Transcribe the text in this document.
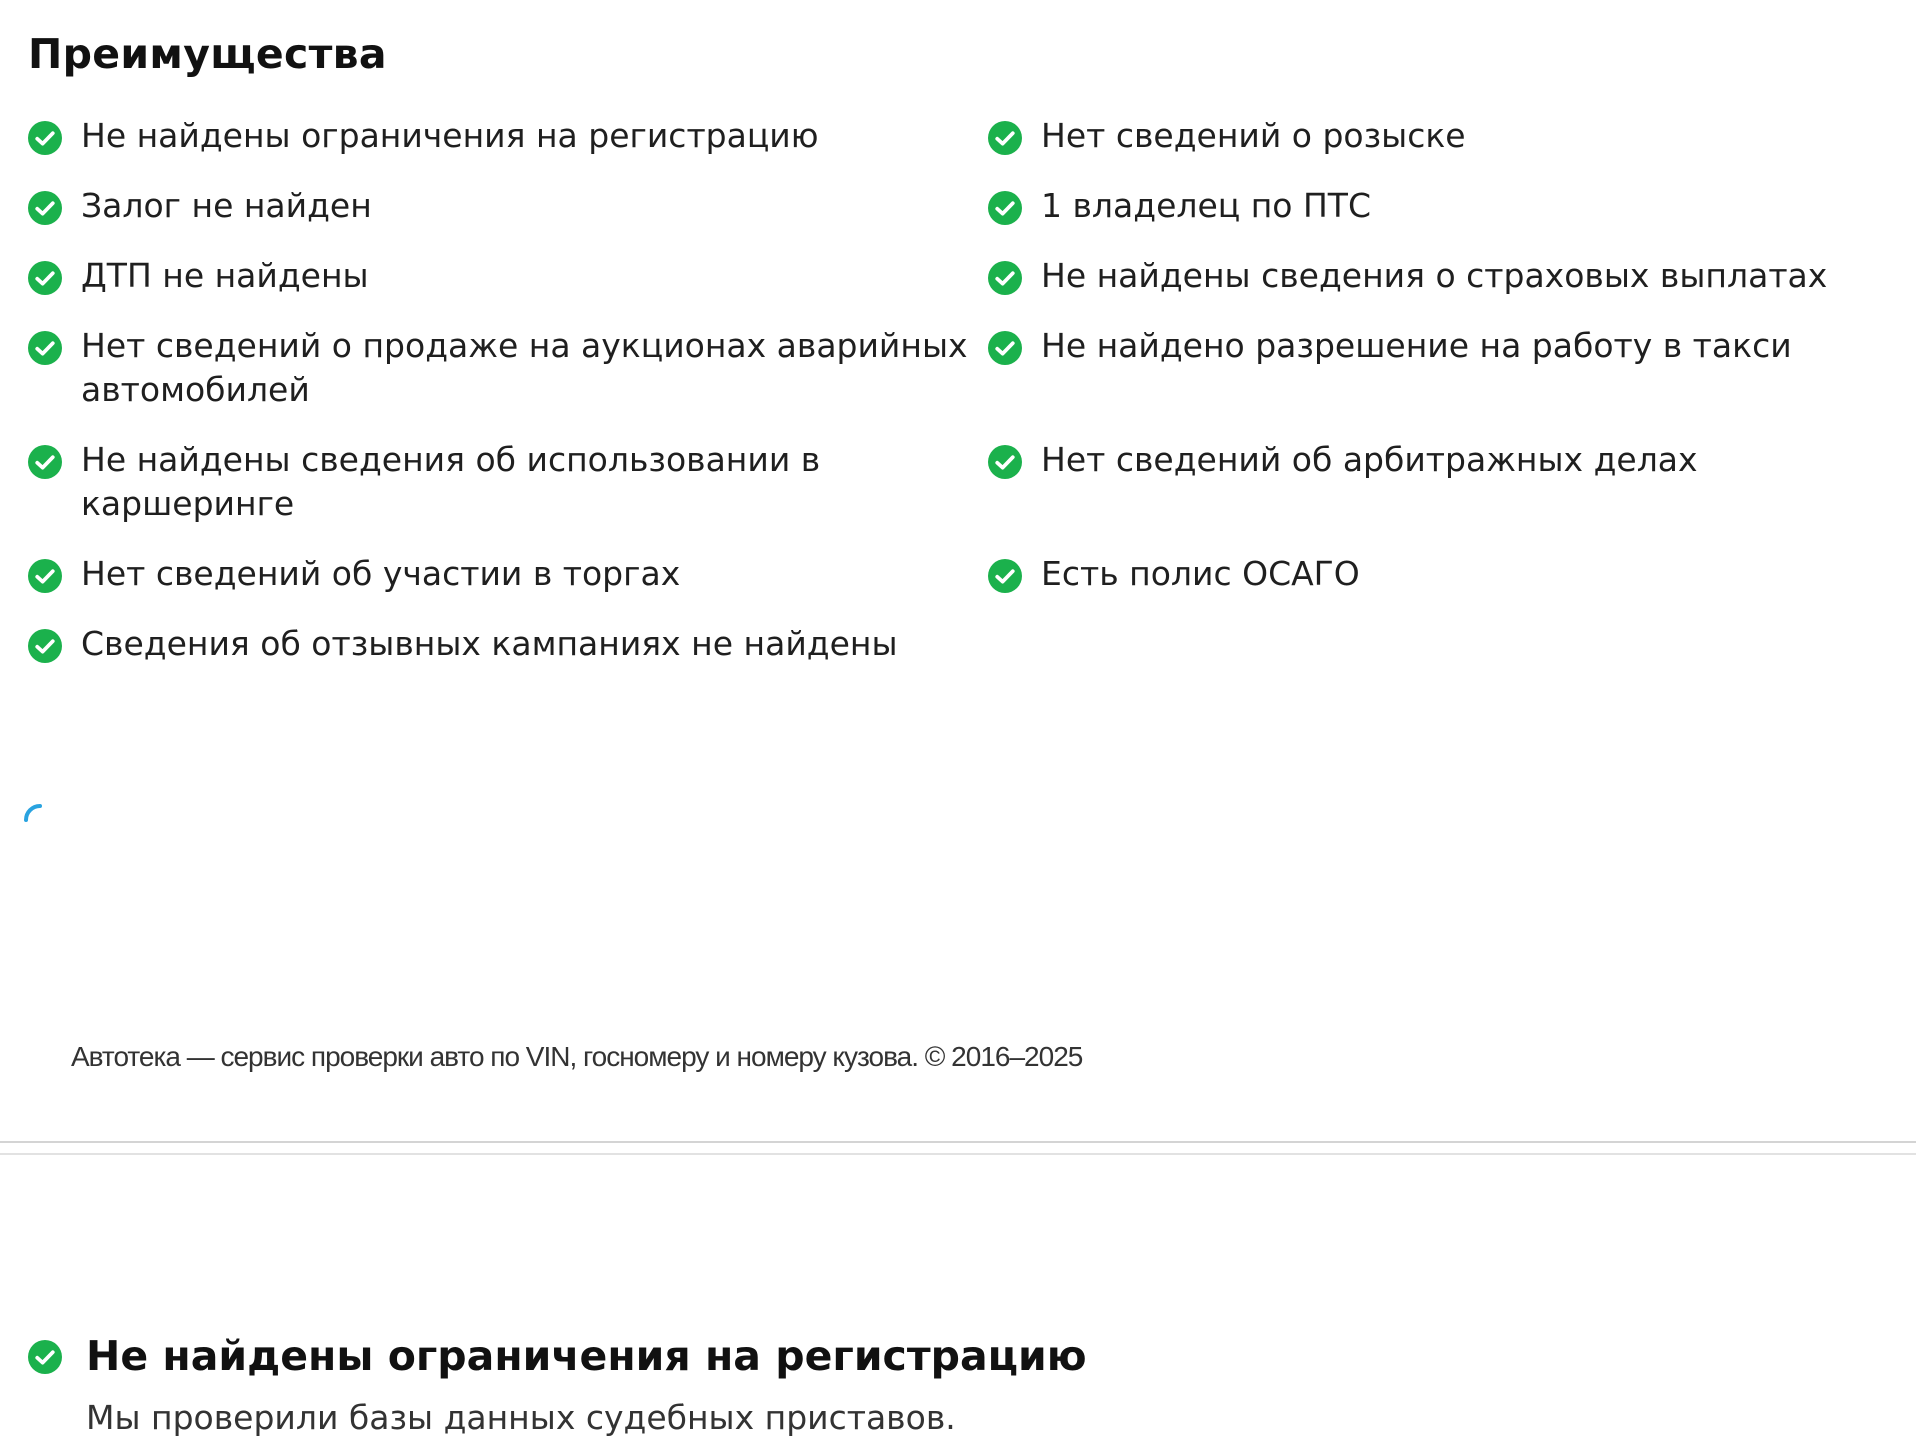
Преимущества
Не найдены ограничения на регистрацию
Залог не найден
ДТП не найдены
Нет сведений о продаже на аукционах аварийных автомобилей
Не найдены сведения об использовании в каршеринге
Нет сведений об участии в торгах
Сведения об отзывных кампаниях не найдены
Нет сведений о розыске
1 владелец по ПТС
Не найдены сведения о страховых выплатах
Не найдено разрешение на работу в такси
Нет сведений об арбитражных делах
Есть полис ОСАГО

Автотека — сервис проверки авто по VIN, госномеру и номеру кузова. © 2016–2025

Не найдены ограничения на регистрацию

Мы проверили базы данных судебных приставов.
